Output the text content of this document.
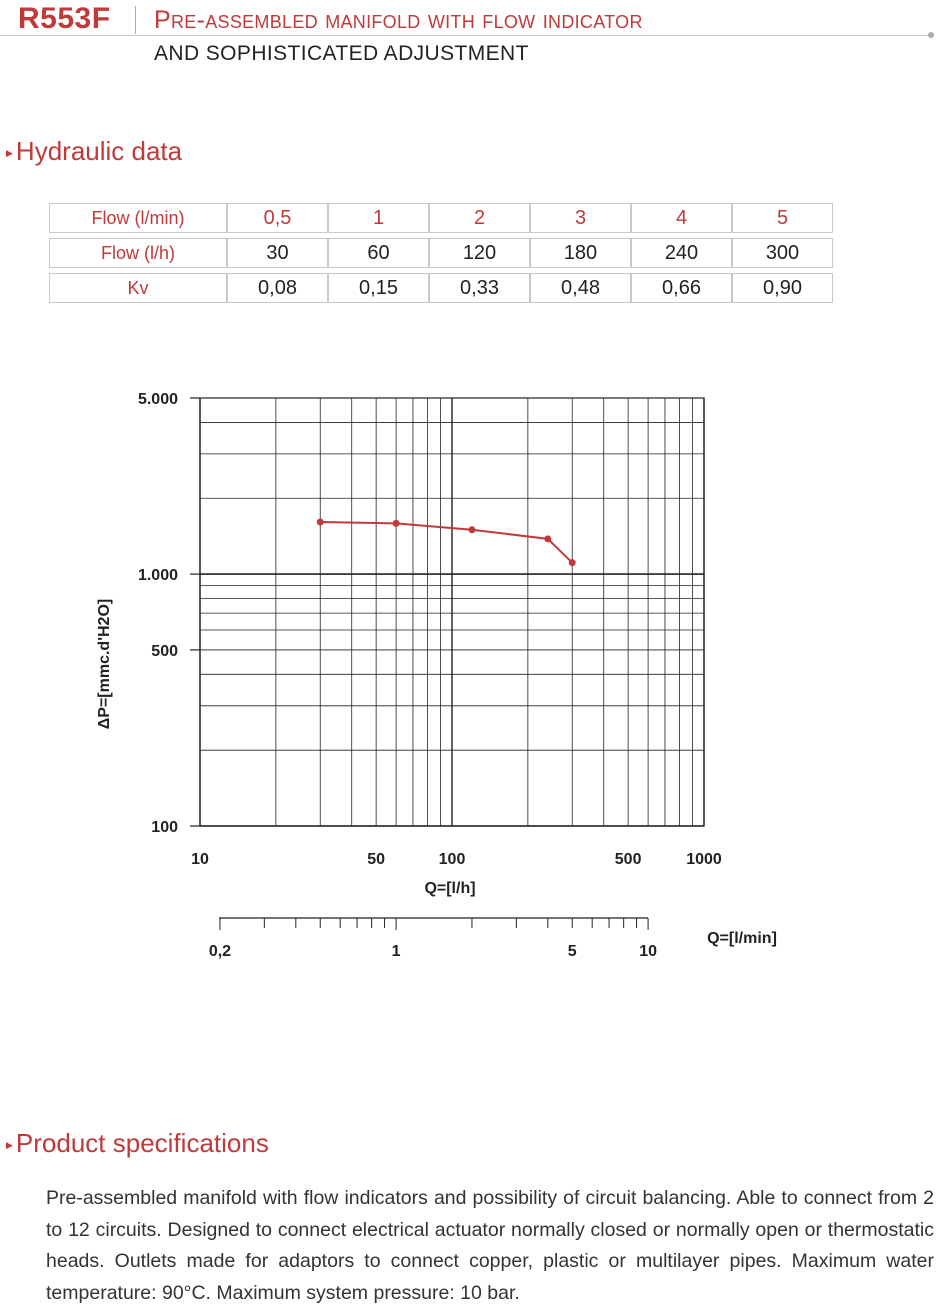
R553F Pre-assembled manifold with flow indicator
AND SOPHISTICATED ADJUSTMENT
▶ Hydraulic data
Flow (l/min)	0,5	1	2	3	4	5
Flow (l/h)	30	60	120	180	240	300
Kv	0,08	0,15	0,33	0,48	0,66	0,90
100
500
1.000
5.000
10	50	100	500	1000
Q=[l/h]
ΔP=[mmc.d'H2O]
0,2	1	5	10
Q=[l/min]
▶ Product specifications
Pre-assembled manifold with flow indicators and possibility of circuit balancing. Able to connect from 2 to 12 circuits. Designed to connect electrical actuator normally closed or normally open or thermostatic heads. Outlets made for adaptors to connect copper, plastic or multilayer pipes. Maximum water temperature: 90°C. Maximum system pressure: 10 bar.
